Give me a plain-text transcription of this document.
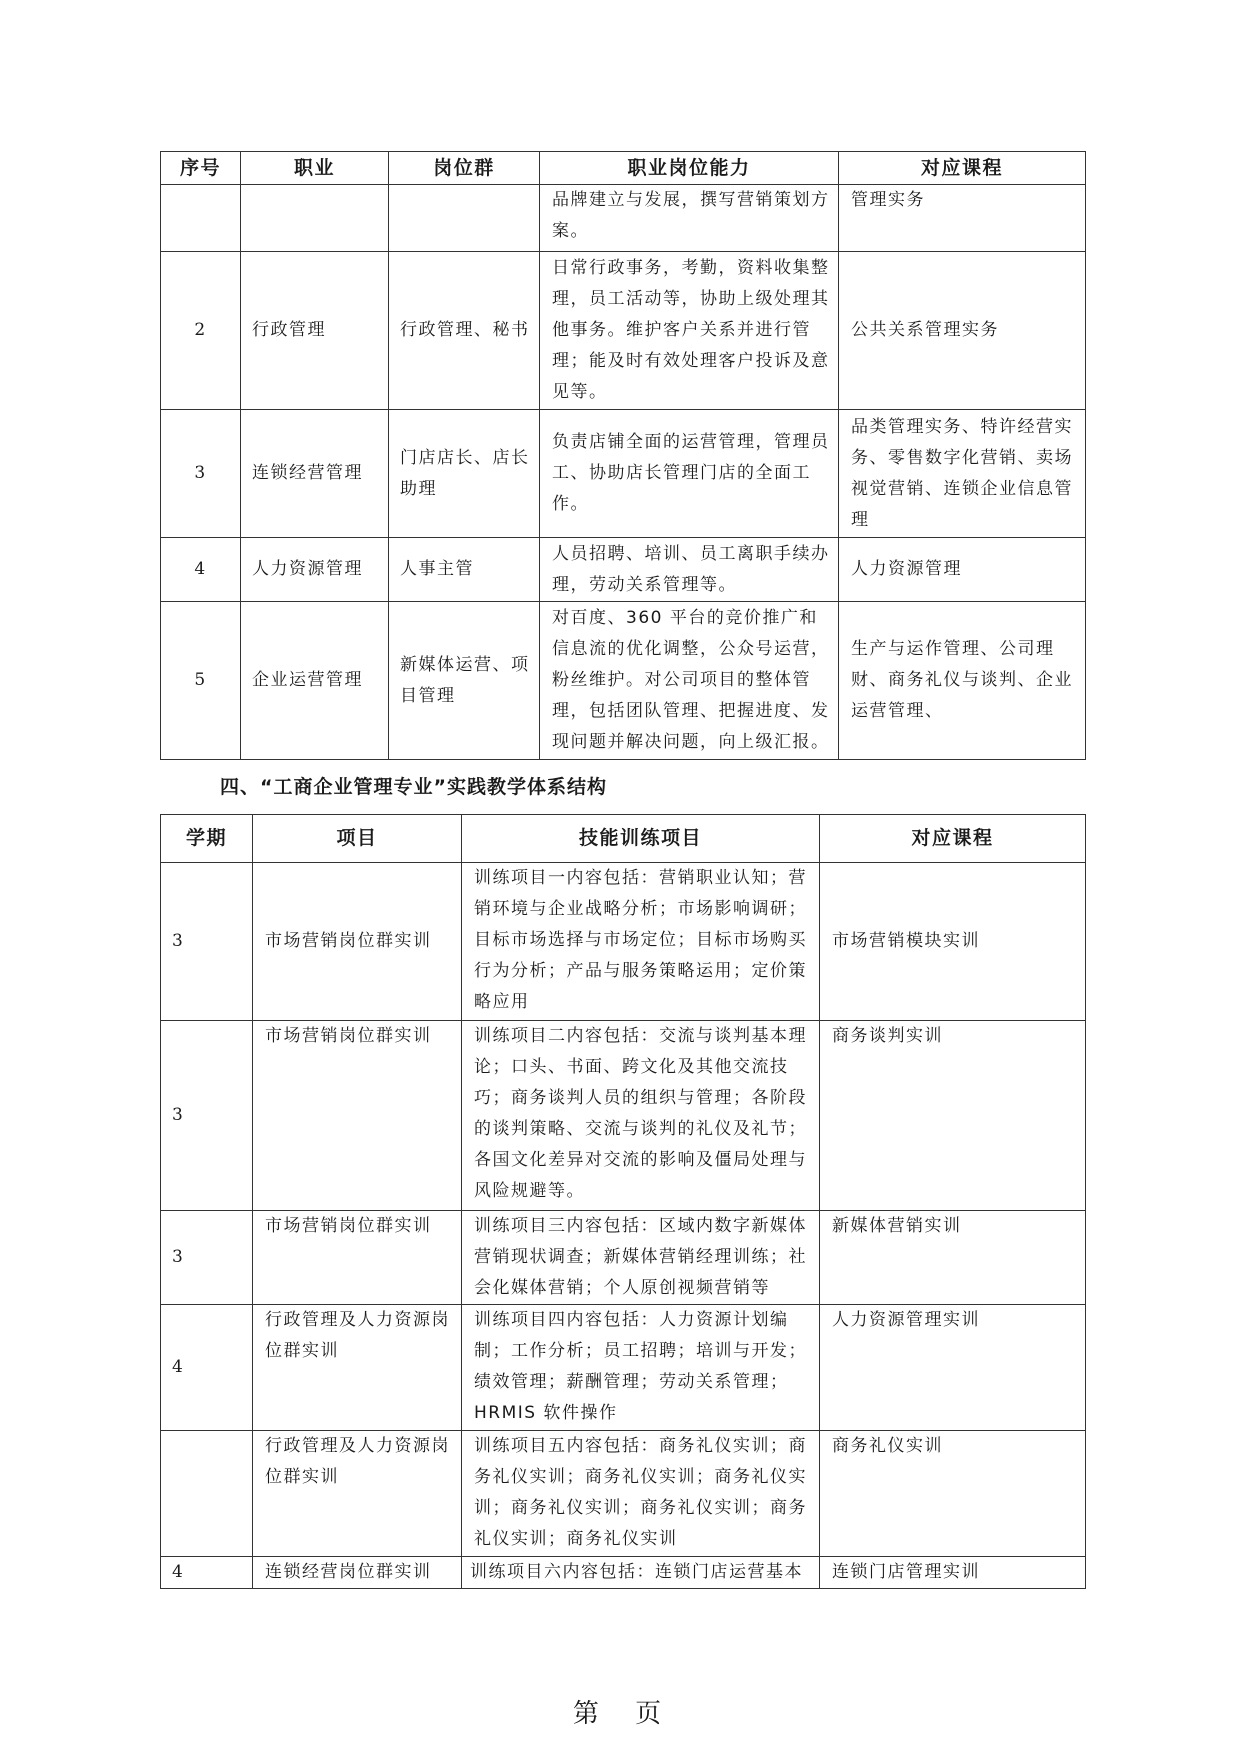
序号	职业	岗位群	职业岗位能力	对应课程
			品牌建立与发展，撰写营销策划方案。	管理实务
2	行政管理	行政管理、秘书	日常行政事务，考勤，资料收集整理，员工活动等，协助上级处理其他事务。维护客户关系并进行管理；能及时有效处理客户投诉及意见等。	公共关系管理实务
3	连锁经营管理	门店店长、店长助理	负责店铺全面的运营管理，管理员工、协助店长管理门店的全面工作。	品类管理实务、特许经营实务、零售数字化营销、卖场视觉营销、连锁企业信息管理
4	人力资源管理	人事主管	人员招聘、培训、员工离职手续办理，劳动关系管理等。	人力资源管理
5	企业运营管理	新媒体运营、项目管理	对百度、360 平台的竞价推广和信息流的优化调整，公众号运营，粉丝维护。对公司项目的整体管理，包括团队管理、把握进度、发现问题并解决问题，向上级汇报。	生产与运作管理、公司理财、商务礼仪与谈判、企业运营管理、
四、“工商企业管理专业”实践教学体系结构
学期	项目	技能训练项目	对应课程
3	市场营销岗位群实训	训练项目一内容包括：营销职业认知；营销环境与企业战略分析；市场影响调研；目标市场选择与市场定位；目标市场购买行为分析；产品与服务策略运用；定价策略应用	市场营销模块实训
3	市场营销岗位群实训	训练项目二内容包括：交流与谈判基本理论；口头、书面、跨文化及其他交流技巧；商务谈判人员的组织与管理；各阶段的谈判策略、交流与谈判的礼仪及礼节；各国文化差异对交流的影响及僵局处理与风险规避等。	商务谈判实训
3	市场营销岗位群实训	训练项目三内容包括：区域内数字新媒体营销现状调查；新媒体营销经理训练；社会化媒体营销；个人原创视频营销等	新媒体营销实训
4	行政管理及人力资源岗位群实训	训练项目四内容包括：人力资源计划编制；工作分析；员工招聘；培训与开发；绩效管理；薪酬管理；劳动关系管理；HRMIS 软件操作	人力资源管理实训
	行政管理及人力资源岗位群实训	训练项目五内容包括：商务礼仪实训；商务礼仪实训；商务礼仪实训；商务礼仪实训；商务礼仪实训；商务礼仪实训；商务礼仪实训；商务礼仪实训	商务礼仪实训
4	连锁经营岗位群实训	训练项目六内容包括：连锁门店运营基本	连锁门店管理实训
第 页
